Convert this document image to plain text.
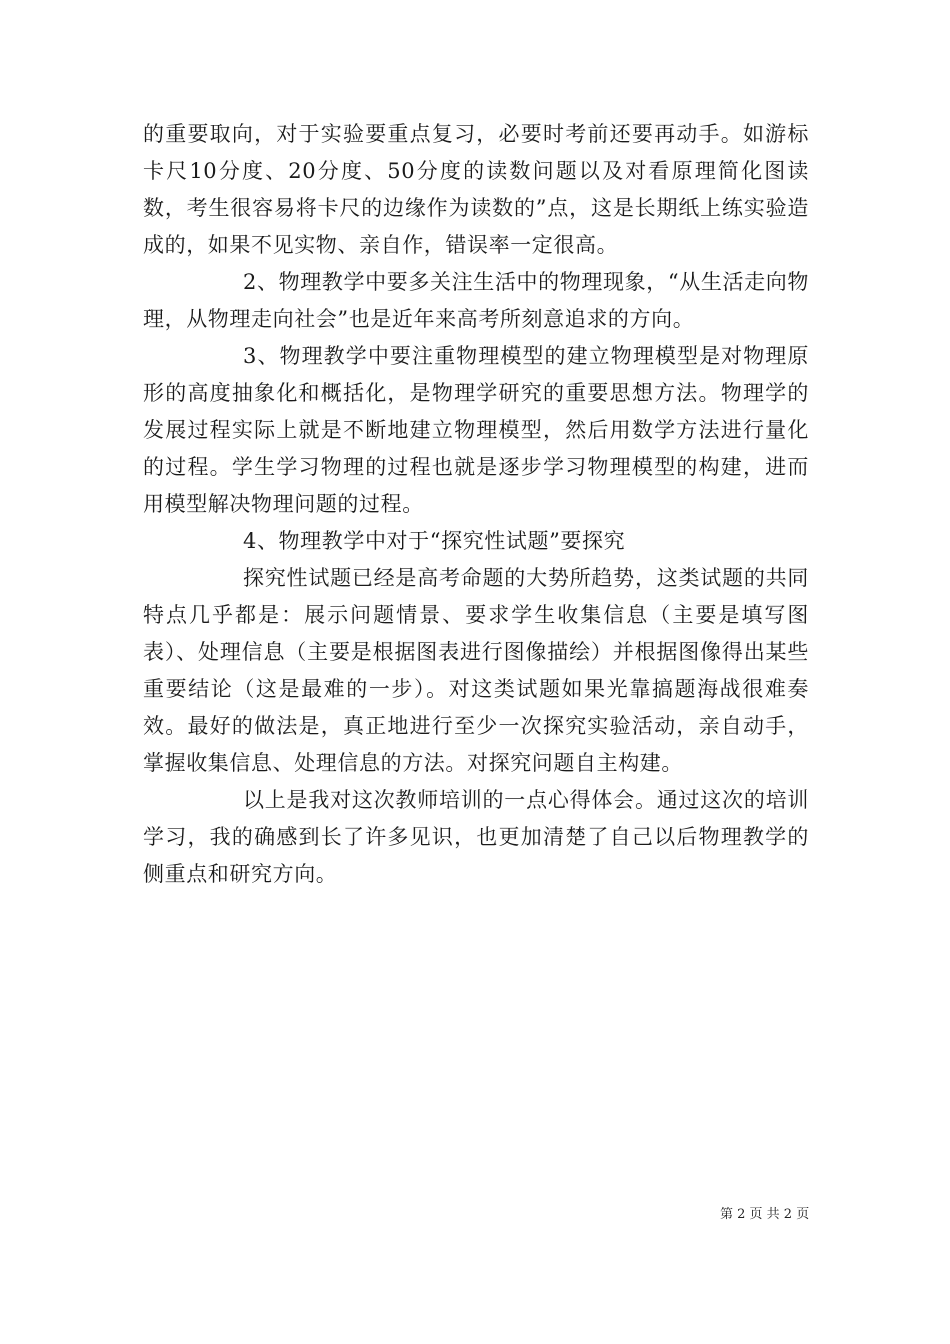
的重要取向，对于实验要重点复习，必要时考前还要再动手。如游标卡尺10分度、20分度、50分度的读数问题以及对看原理简化图读数，考生很容易将卡尺的边缘作为读数的”点，这是长期纸上练实验造成的，如果不见实物、亲自作，错误率一定很高。

2、物理教学中要多关注生活中的物理现象，“从生活走向物理，从物理走向社会”也是近年来高考所刻意追求的方向。

3、物理教学中要注重物理模型的建立物理模型是对物理原形的高度抽象化和概括化，是物理学研究的重要思想方法。物理学的发展过程实际上就是不断地建立物理模型，然后用数学方法进行量化的过程。学生学习物理的过程也就是逐步学习物理模型的构建，进而用模型解决物理问题的过程。

4、物理教学中对于“探究性试题”要探究

探究性试题已经是高考命题的大势所趋势，这类试题的共同特点几乎都是：展示问题情景、要求学生收集信息（主要是填写图表）、处理信息（主要是根据图表进行图像描绘）并根据图像得出某些重要结论（这是最难的一步）。对这类试题如果光靠搞题海战很难奏效。最好的做法是，真正地进行至少一次探究实验活动，亲自动手，掌握收集信息、处理信息的方法。对探究问题自主构建。

以上是我对这次教师培训的一点心得体会。通过这次的培训学习，我的确感到长了许多见识，也更加清楚了自己以后物理教学的侧重点和研究方向。

第 2 页 共 2 页
